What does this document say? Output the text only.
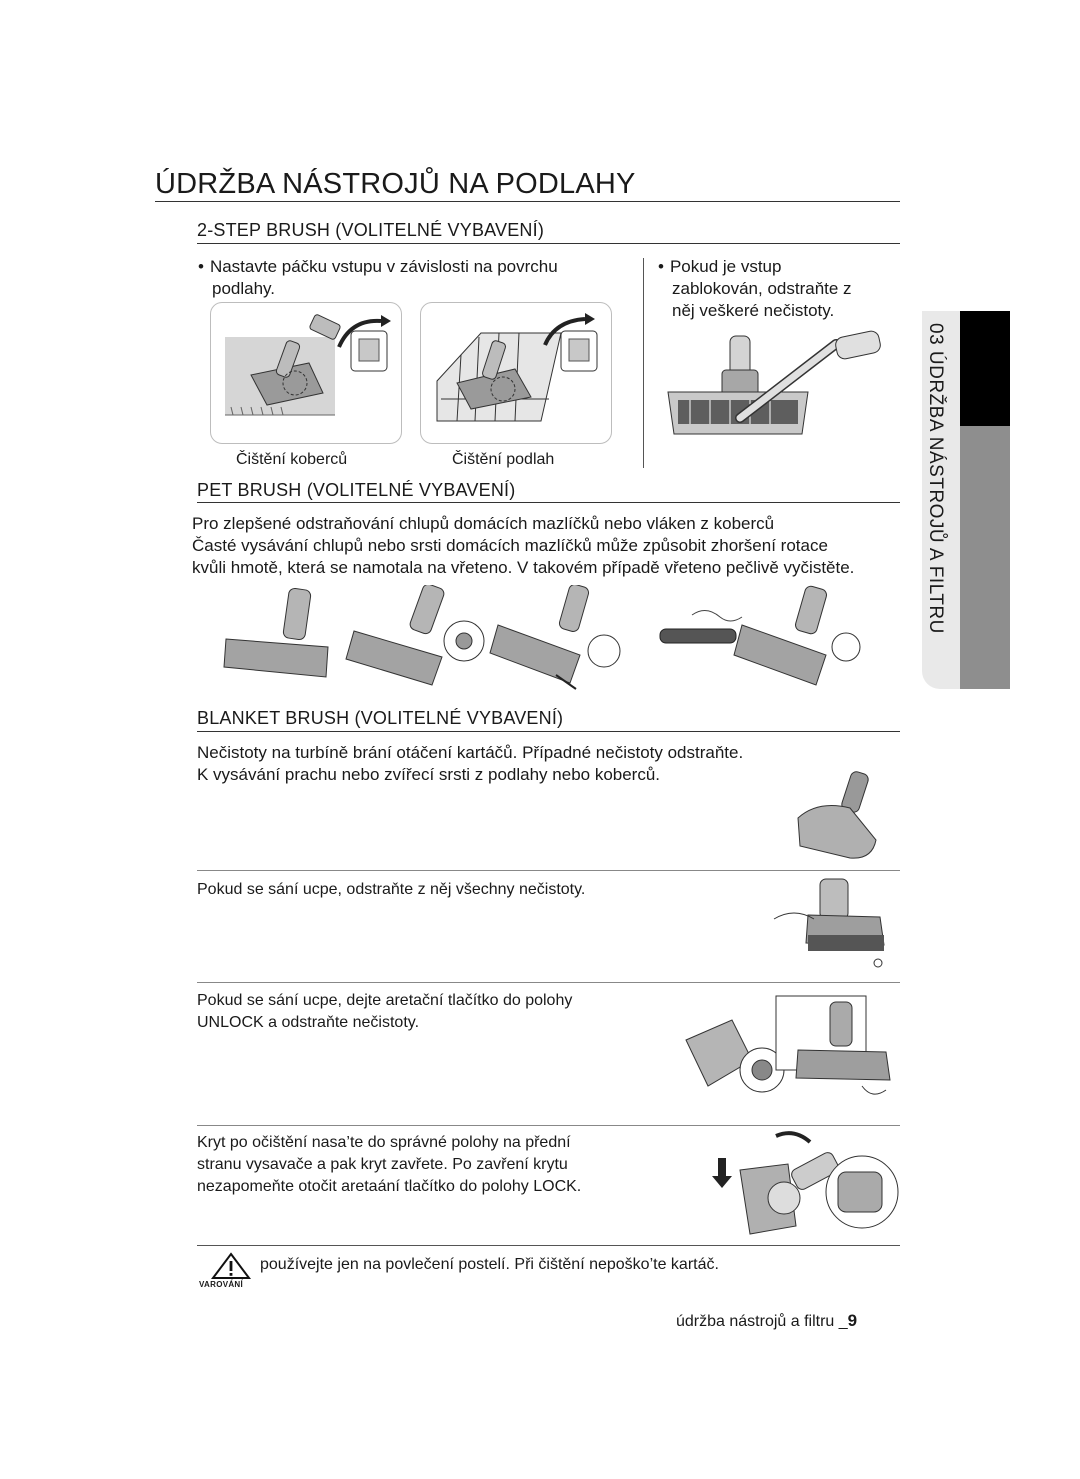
ÚDRŽBA NÁSTROJŮ NA PODLAHY
03 ÚDRŽBA NÁSTROJŮ A FILTRU
2-STEP BRUSH (VOLITELNÉ VYBAVENÍ)
• Nastavte páčku vstupu v závislosti na povrchu
podlahy.
• Pokud je vstup
zablokován, odstraňte z
něj veškeré nečistoty.
Čištění koberců	Čištění podlah
PET BRUSH (VOLITELNÉ VYBAVENÍ)
Pro zlepšené odstraňování chlupů domácích mazlíčků nebo vláken z koberců
Časté vysávání chlupů nebo srsti domácích mazlíčků může způsobit zhoršení rotace
kvůli hmotě, která se namotala na vřeteno. V takovém případě vřeteno pečlivě vyčistěte.
BLANKET BRUSH (VOLITELNÉ VYBAVENÍ)
Nečistoty na turbíně brání otáčení kartáčů. Případné nečistoty odstraňte.
K vysávání prachu nebo zvířecí srsti z podlahy nebo koberců.
Pokud se sání ucpe, odstraňte z něj všechny nečistoty.
Pokud se sání ucpe, dejte aretační tlačítko do polohy
UNLOCK a odstraňte nečistoty.
Kryt po očištění nasa’te do správné polohy na přední
stranu vysavače a pak kryt zavřete. Po zavření krytu
nezapomeňte otočit aretaání tlačítko do polohy LOCK.
VAROVÁNÍ
používejte jen na povlečení postelí. Při čištění nepoško’te kartáč.
údržba nástrojů a filtru _9
